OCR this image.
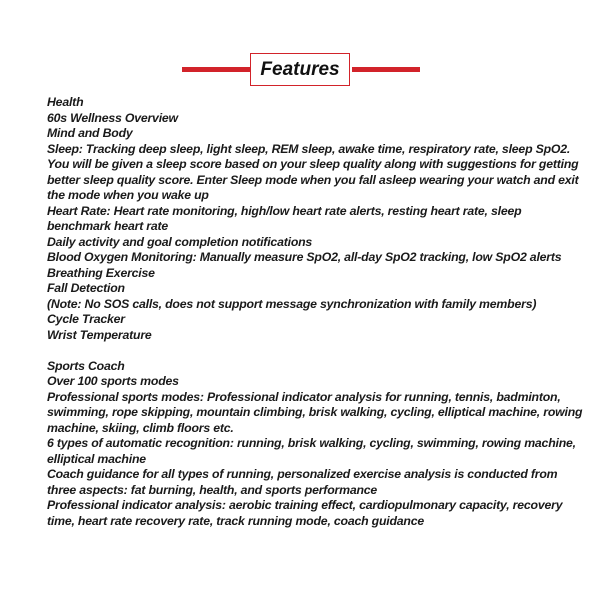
Features

Health

60s Wellness Overview

Mind and Body

Sleep: Tracking deep sleep, light sleep, REM sleep, awake time, respiratory rate, sleep SpO2. You will be given a sleep score based on your sleep quality along with suggestions for getting better sleep quality score. Enter Sleep mode when you fall asleep wearing your watch and exit the mode when you wake up

Heart Rate: Heart rate monitoring, high/low heart rate alerts, resting heart rate, sleep benchmark heart rate

Daily activity and goal completion notifications

Blood Oxygen Monitoring: Manually measure SpO2, all-day SpO2 tracking, low SpO2 alerts

Breathing Exercise

Fall Detection

(Note: No SOS calls, does not support message synchronization with family members)

Cycle Tracker

Wrist Temperature

Sports Coach

Over 100 sports modes

Professional sports modes: Professional indicator analysis for running, tennis, badminton, swimming, rope skipping, mountain climbing, brisk walking, cycling, elliptical machine, rowing machine, skiing, climb floors etc.

6 types of automatic recognition: running, brisk walking, cycling, swimming, rowing machine, elliptical machine

Coach guidance for all types of running, personalized exercise analysis is conducted from three aspects: fat burning, health, and sports performance

Professional indicator analysis: aerobic training effect, cardiopulmonary capacity, recovery time, heart rate recovery rate, track running mode, coach guidance
